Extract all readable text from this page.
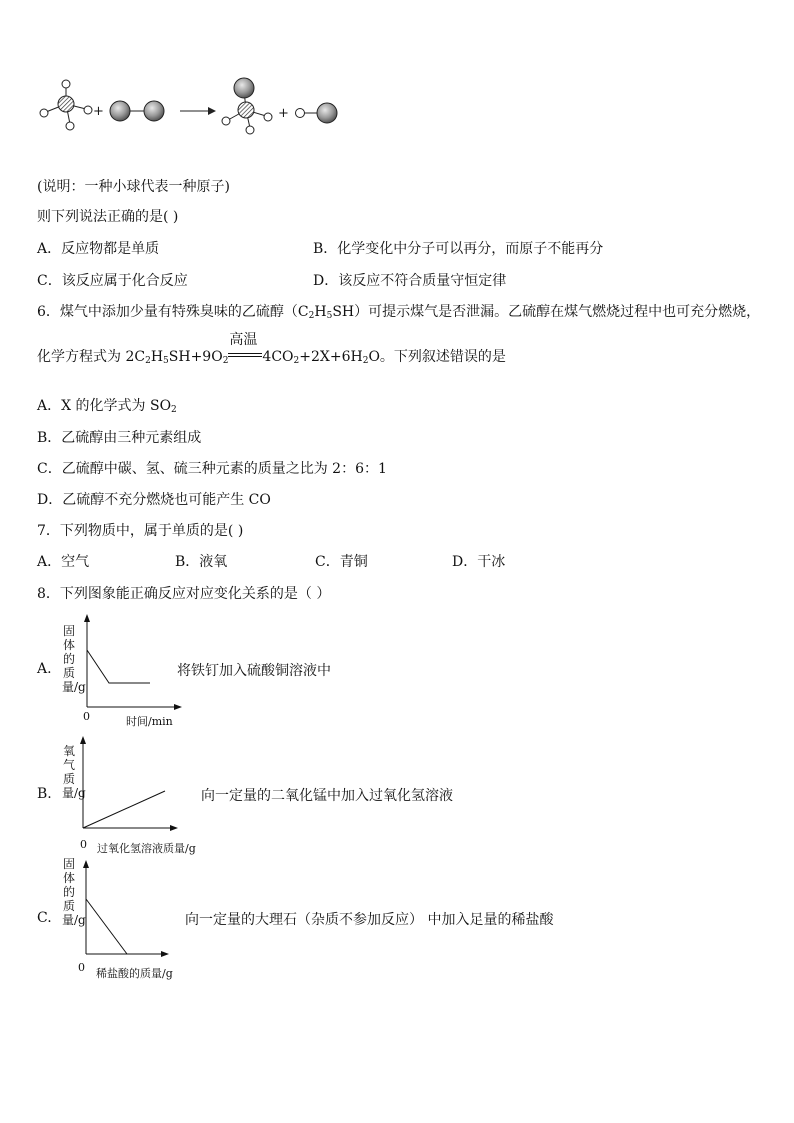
+	+
(说明：一种小球代表一种原子)
则下列说法正确的是( )
A．反应物都是单质	B．化学变化中分子可以再分，而原子不能再分
C．该反应属于化合反应	D．该反应不符合质量守恒定律
6．煤气中添加少量有特殊臭味的乙硫醇$(C_2H_5SH)$可提示煤气是否泄漏。乙硫醇在煤气燃烧过程中也可充分燃烧，
化学方程式为 $2C_2H_5SH+9O_2$
高温
$4CO_2+2X+6H_2O$。下列叙述错误的是
A．X 的化学式为 $SO_2$
B．乙硫醇由三种元素组成
C．乙硫醇中碳、氢、硫三种元素的质量之比为 2：6：1
D．乙硫醇不充分燃烧也可能产生 CO
7．下列物质中，属于单质的是( )
A．空气	B．液氧	C．青铜	D．干冰
8．下列图象能正确反应对应变化关系的是（ ）
A.
固体的质量/g
0	时间/min
将铁钉加入硫酸铜溶液中
B.
氧气质量/g
0 过氧化氢溶液质量/g
向一定量的二氧化锰中加入过氧化氢溶液
C.
固体的质量/g
0 稀盐酸的质量/g
向一定量的大理石（杂质不参加反应） 中加入足量的稀盐酸
